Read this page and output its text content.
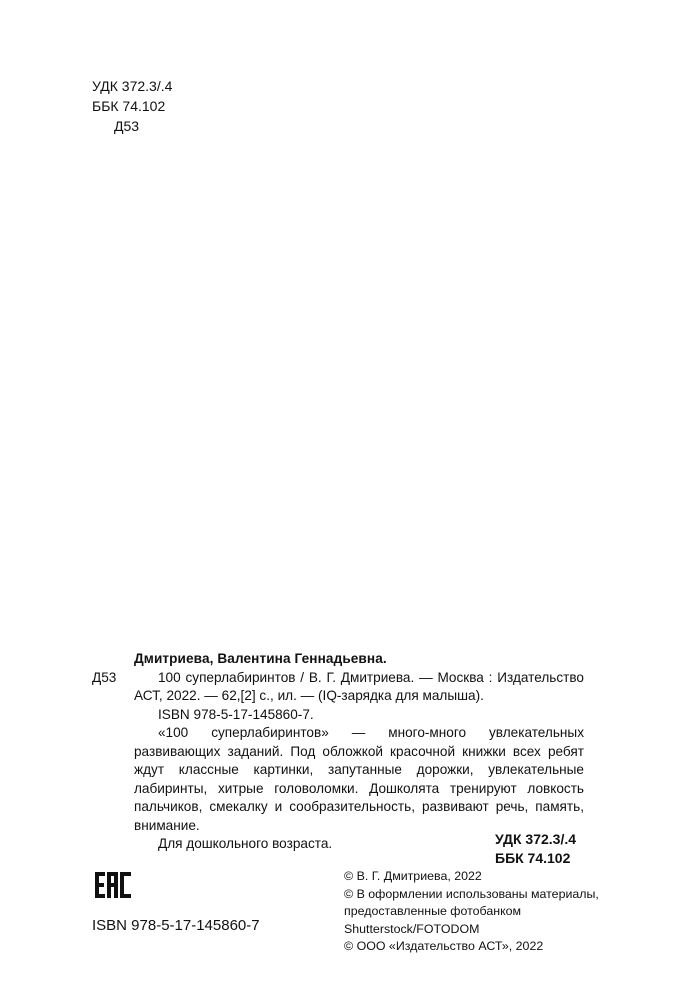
УДК 372.3/.4
ББК 74.102
Д53
Д53
Дмитриева, Валентина Геннадьевна.

100 суперлабиринтов / В. Г. Дмитриева. — Москва : Издательство АСТ, 2022. — 62,[2] с., ил. — (IQ-зарядка для малыша).

ISBN 978-5-17-145860-7.

«100 суперлабиринтов» — много-много увлекательных развивающих заданий. Под обложкой красочной книжки всех ребят ждут классные картинки, запутанные дорожки, увлекательные лабиринты, хитрые головоломки. Дошколята тренируют ловкость пальчиков, смекалку и сообразительность, развивают речь, память, внимание.

Для дошкольного возраста.	УДК 372.3/.4
ББК 74.102
© В. Г. Дмитриева, 2022
© В оформлении использованы материалы,
предоставленные фотобанком
Shutterstock/FOTODOM
© ООО «Издательство АСТ», 2022
ISBN 978-5-17-145860-7
